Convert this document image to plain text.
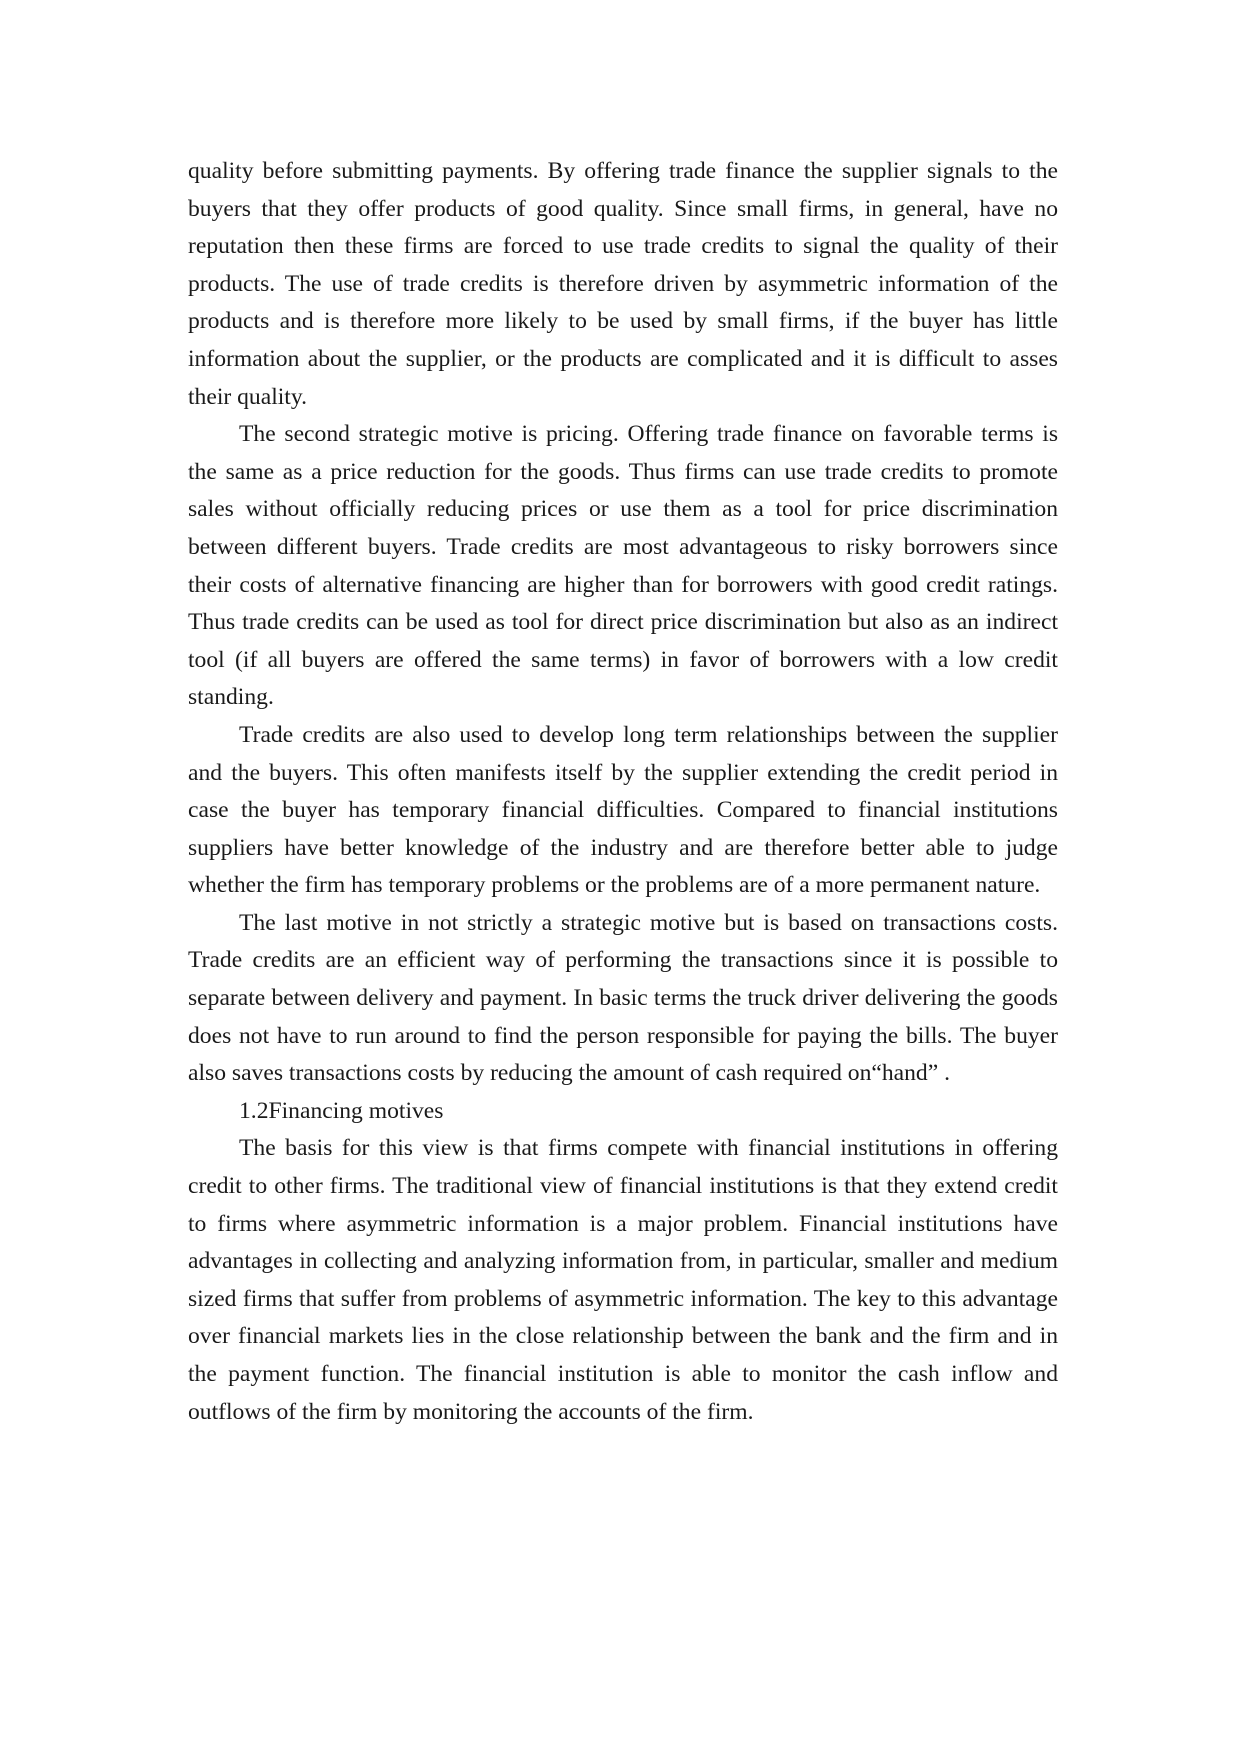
quality before submitting payments. By offering trade finance the supplier signals to the buyers that they offer products of good quality. Since small firms, in general, have no reputation then these firms are forced to use trade credits to signal the quality of their products. The use of trade credits is therefore driven by asymmetric information of the products and is therefore more likely to be used by small firms, if the buyer has little information about the supplier, or the products are complicated and it is difficult to asses their quality.

The second strategic motive is pricing. Offering trade finance on favorable terms is the same as a price reduction for the goods. Thus firms can use trade credits to promote sales without officially reducing prices or use them as a tool for price discrimination between different buyers. Trade credits are most advantageous to risky borrowers since their costs of alternative financing are higher than for borrowers with good credit ratings. Thus trade credits can be used as tool for direct price discrimination but also as an indirect tool (if all buyers are offered the same terms) in favor of borrowers with a low credit standing.

Trade credits are also used to develop long term relationships between the supplier and the buyers. This often manifests itself by the supplier extending the credit period in case the buyer has temporary financial difficulties. Compared to financial institutions suppliers have better knowledge of the industry and are therefore better able to judge whether the firm has temporary problems or the problems are of a more permanent nature.

The last motive in not strictly a strategic motive but is based on transactions costs. Trade credits are an efficient way of performing the transactions since it is possible to separate between delivery and payment. In basic terms the truck driver delivering the goods does not have to run around to find the person responsible for paying the bills. The buyer also saves transactions costs by reducing the amount of cash required on“hand” .

1.2Financing motives

The basis for this view is that firms compete with financial institutions in offering credit to other firms. The traditional view of financial institutions is that they extend credit to firms where asymmetric information is a major problem. Financial institutions have advantages in collecting and analyzing information from, in particular, smaller and medium sized firms that suffer from problems of asymmetric information. The key to this advantage over financial markets lies in the close relationship between the bank and the firm and in the payment function. The financial institution is able to monitor the cash inflow and outflows of the firm by monitoring the accounts of the firm.
